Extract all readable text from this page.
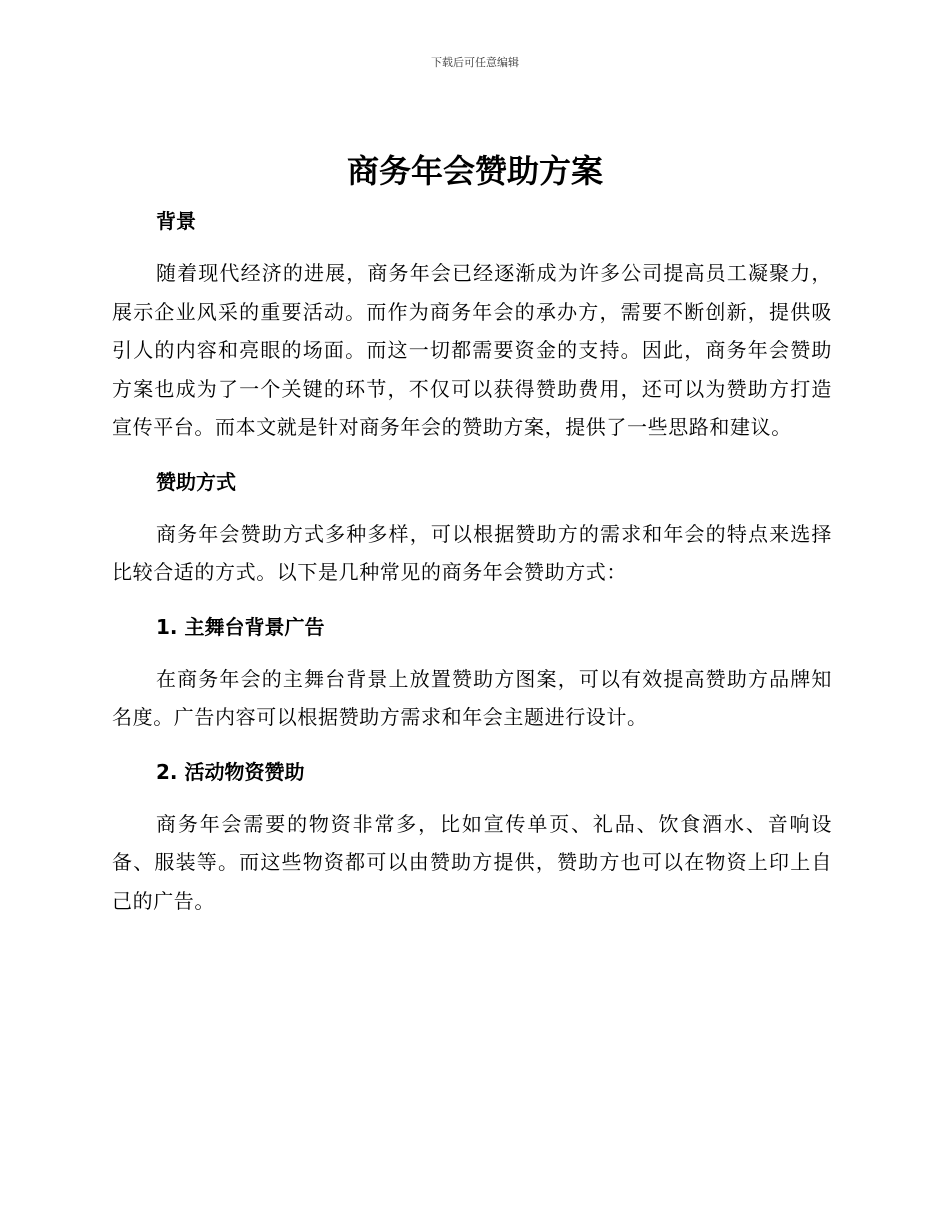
下载后可任意编辑
商务年会赞助方案
背景

随着现代经济的进展，商务年会已经逐渐成为许多公司提高员工凝聚力，展示企业风采的重要活动。而作为商务年会的承办方，需要不断创新，提供吸引人的内容和亮眼的场面。而这一切都需要资金的支持。因此，商务年会赞助方案也成为了一个关键的环节，不仅可以获得赞助费用，还可以为赞助方打造宣传平台。而本文就是针对商务年会的赞助方案，提供了一些思路和建议。

赞助方式

商务年会赞助方式多种多样，可以根据赞助方的需求和年会的特点来选择比较合适的方式。以下是几种常见的商务年会赞助方式：

1. 主舞台背景广告

在商务年会的主舞台背景上放置赞助方图案，可以有效提高赞助方品牌知名度。广告内容可以根据赞助方需求和年会主题进行设计。

2. 活动物资赞助

商务年会需要的物资非常多，比如宣传单页、礼品、饮食酒水、音响设备、服装等。而这些物资都可以由赞助方提供，赞助方也可以在物资上印上自己的广告。
